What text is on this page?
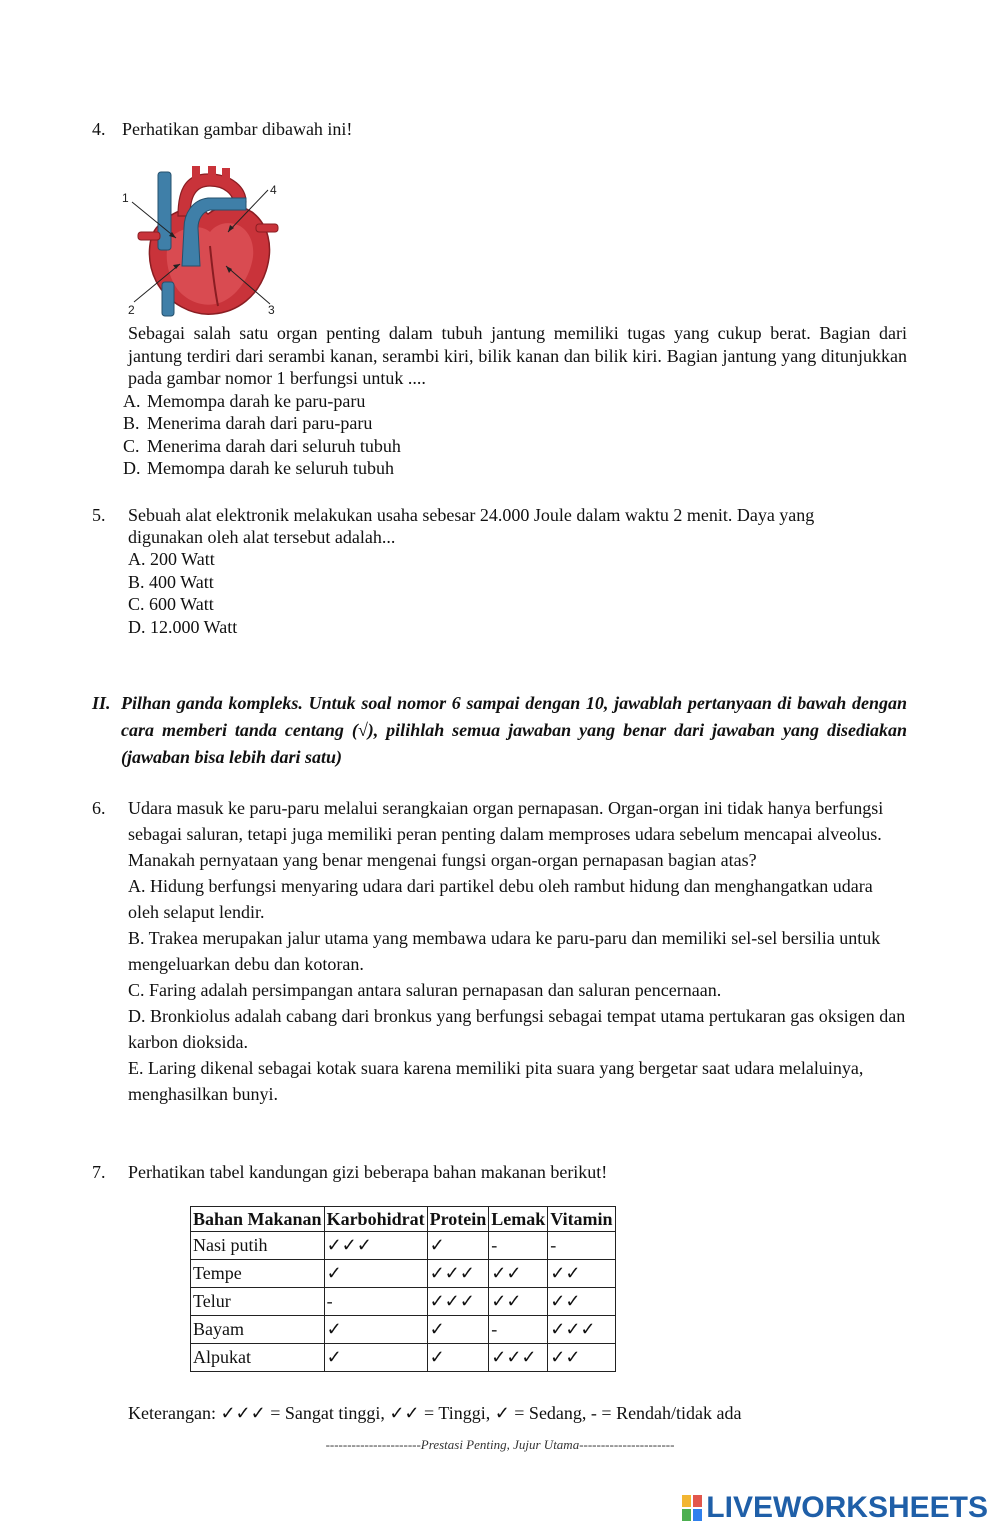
4. Perhatikan gambar dibawah ini!
1
4
2	3

Sebagai salah satu organ penting dalam tubuh jantung memiliki tugas yang cukup berat. Bagian dari jantung terdiri dari serambi kanan, serambi kiri, bilik kanan dan bilik kiri. Bagian jantung yang ditunjukkan pada gambar nomor 1 berfungsi untuk ....

A. Memompa darah ke paru-paru
B. Menerima darah dari paru-paru
C. Menerima darah dari seluruh tubuh
D. Memompa darah ke seluruh tubuh
5. Sebuah alat elektronik melakukan usaha sebesar 24.000 Joule dalam waktu 2 menit. Daya yang
digunakan oleh alat tersebut adalah...
A. 200 Watt
B. 400 Watt
C. 600 Watt
D. 12.000 Watt
II. Pilhan ganda kompleks. Untuk soal nomor 6 sampai dengan 10, jawablah pertanyaan di bawah dengan cara memberi tanda centang (√), pilihlah semua jawaban yang benar dari jawaban yang disediakan (jawaban bisa lebih dari satu)

6. Udara masuk ke paru-paru melalui serangkaian organ pernapasan. Organ-organ ini tidak hanya berfungsi sebagai saluran, tetapi juga memiliki peran penting dalam memproses udara sebelum mencapai alveolus. Manakah pernyataan yang benar mengenai fungsi organ-organ pernapasan bagian atas?

A. Hidung berfungsi menyaring udara dari partikel debu oleh rambut hidung dan menghangatkan udara oleh selaput lendir.

B. Trakea merupakan jalur utama yang membawa udara ke paru-paru dan memiliki sel-sel bersilia untuk mengeluarkan debu dan kotoran.

C. Faring adalah persimpangan antara saluran pernapasan dan saluran pencernaan.

D. Bronkiolus adalah cabang dari bronkus yang berfungsi sebagai tempat utama pertukaran gas oksigen dan karbon dioksida.

E. Laring dikenal sebagai kotak suara karena memiliki pita suara yang bergetar saat udara melaluinya, menghasilkan bunyi.

7. Perhatikan tabel kandungan gizi beberapa bahan makanan berikut!
Bahan Makanan	Karbohidrat	Protein	Lemak	Vitamin
Nasi putih	✓✓✓	✓	-	-
Tempe	✓	✓✓✓	✓✓	✓✓
Telur	-	✓✓✓	✓✓	✓✓
Bayam	✓	✓	-	✓✓✓
Alpukat	✓	✓	✓✓✓	✓✓
Keterangan: ✓✓✓ = Sangat tinggi, ✓✓ = Tinggi, ✓ = Sedang, - = Rendah/tidak ada
----------------------Prestasi Penting, Jujur Utama----------------------
LIVEWORKSHEETS
